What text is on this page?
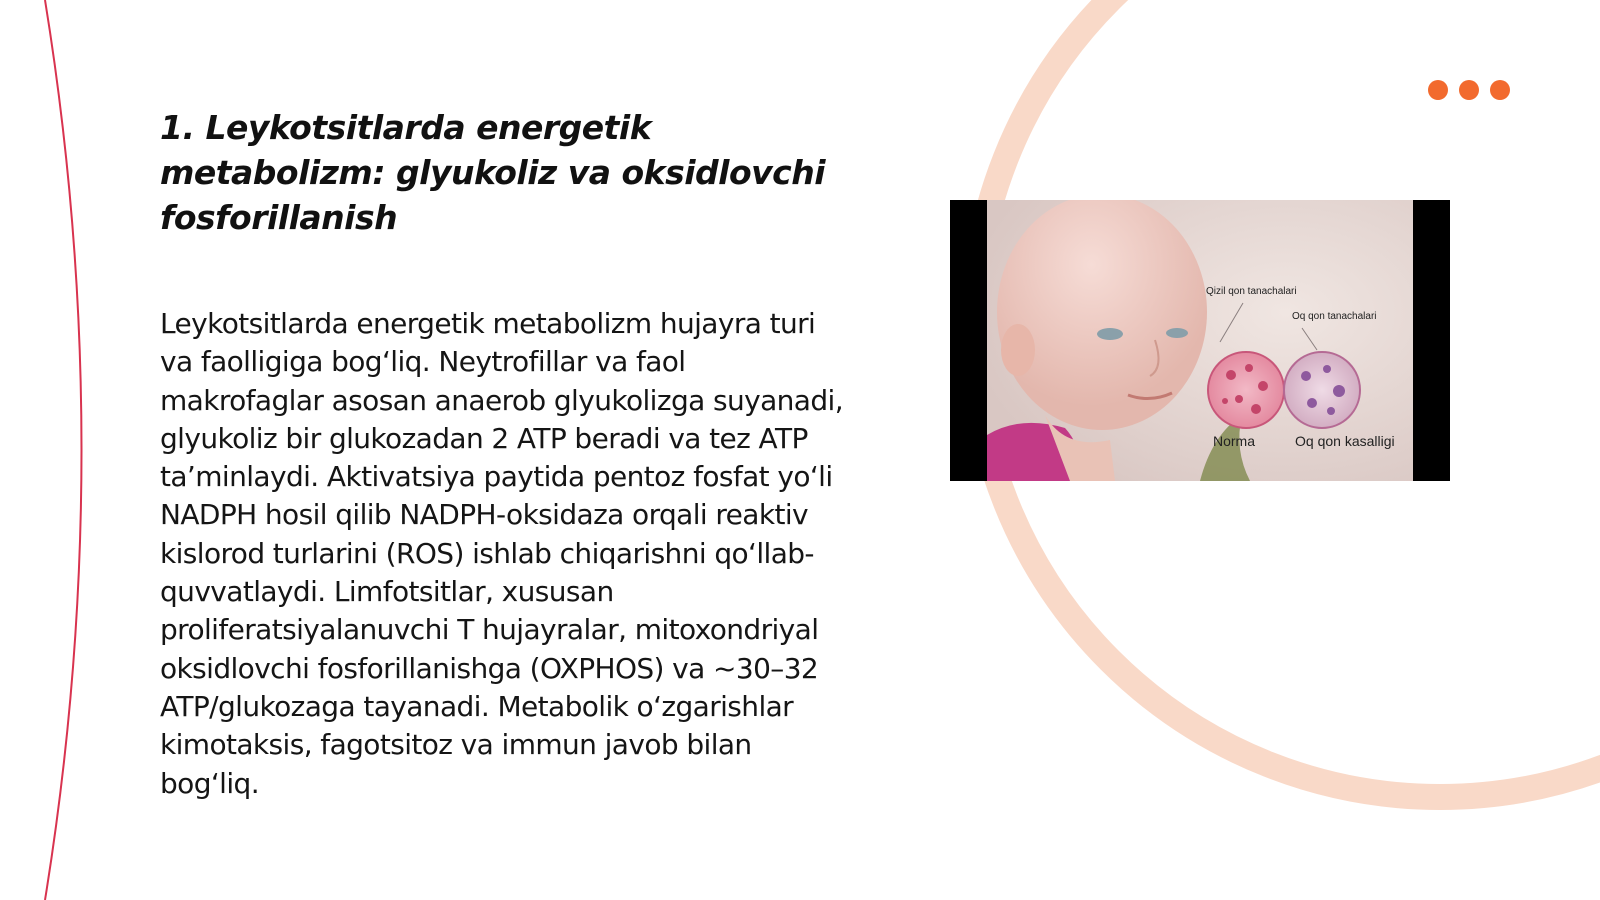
1. Leykotsitlarda energetik metabolizm: glyukoliz va oksidlovchi fosforillanish

Leykotsitlarda energetik metabolizm hujayra turi va faolligiga bog‘liq. Neytrofillar va faol makrofaglar asosan anaerob glyukolizga suyanadi, glyukoliz bir glukozadan 2 ATP beradi va tez ATP ta’minlaydi. Aktivatsiya paytida pentoz fosfat yo‘li NADPH hosil qilib NADPH-oksidaza orqali reaktiv kislorod turlarini (ROS) ishlab chiqarishni qo‘llab-quvvatlaydi. Limfotsitlar, xususan proliferatsiyalanuvchi T hujayralar, mitoxondriyal oksidlovchi fosforillanishga (OXPHOS) va ~30–32 ATP/glukozaga tayanadi. Metabolik o‘zgarishlar kimotaksis, fagotsitoz va immun javob bilan bog‘liq.

Qizil qon tanachalari
Oq qon tanachalari
Norma	Oq qon kasalligi
